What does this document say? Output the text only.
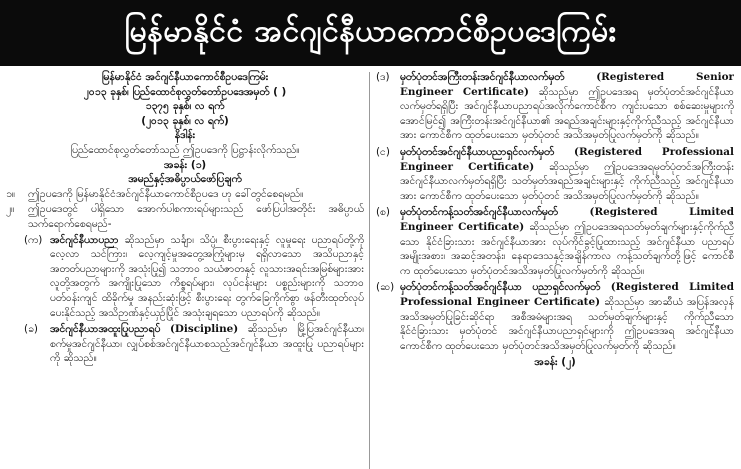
မြန်မာနိုင်ငံ အင်ဂျင်နီယာကောင်စီဥပဒေကြမ်း

မြန်မာနိုင်ငံ အင်ဂျင်နီယာကောင်စီဥပဒေကြမ်း

၂၀၁၃ ခုနှစ်၊ ပြည်ထောင်စုလွှတ်တော်ဥပဒေအမှတ် ( )

၁၃၇၅ ခုနှစ်၊ လ ရက်

(၂၀၁၃ ခုနှစ်၊ လ ရက်)

နိဒါန်း

ပြည်ထောင်စုလွှတ်တော်သည် ဤဥပဒေကို ပြဋ္ဌာန်းလိုက်သည်။

အခန်း (၁)

အမည်နှင့်အဓိပ္ပာယ်ဖော်ပြချက်

၁။	ဤဥပဒေကို မြန်မာနိုင်ငံအင်ဂျင်နီယာကောင်စီဥပဒေ ဟု ခေါ်တွင်စေရမည်။
၂။	ဤဥပဒေတွင် ပါရှိသော အောက်ပါစကားရပ်များသည် ဖော်ပြပါအတိုင်း အဓိပ္ပာယ်သက်ရောက်စေရမည်-
(က) အင်ဂျင်နီယာပညာ ဆိုသည်မှာ သင်္ချာ၊ သိပ္ပံ၊ စီးပွားရေးနှင့် လူမှုရေး ပညာရပ်တို့ကို လေ့လာ သင်ကြား၊ လေ့ကျင့်မှုအတွေ့အကြုံများမှ ရရှိလာသော အသိပညာနှင့် အတတ်ပညာများကို အသုံးပြု၍ သဘာဝ သယံဇာတနှင့် လူသားအရင်းအမြစ်များအား လူတို့အတွက် အကျိုးပြုသော ကိစ္စရပ်များ၊ လုပ်ငန်းများ ပစ္စည်းများကို သဘာဝပတ်ဝန်းကျင် ထိခိုက်မှု အနည်းဆုံးဖြင့် စီးပွားရေး တွက်ခြေကိုက်စွာ ဖန်တီးထုတ်လုပ်ပေးနိုင်သည့် အသိဉာဏ်နှင့်ယှဉ်ပြိုင် အသုံးချရသော ပညာရပ်ကို ဆိုသည်။
(ခ)	အင်ဂျင်နီယာအထူးပြုပညာရပ် (Discipline) ဆိုသည်မှာ မြို့ပြအင်ဂျင်နီယာ၊ စက်မှုအင်ဂျင်နီယာ၊ လျှပ်စစ်အင်ဂျင်နီယာစသည့်အင်ဂျင်နီယာ အထူးပြု ပညာရပ်များကို ဆိုသည်။
(ဒ)	မှတ်ပုံတင်အကြီးတန်းအင်ဂျင်နီယာလက်မှတ် (Registered Senior Engineer Certificate) ဆိုသည်မှာ ဤဥပဒေအရ မှတ်ပုံတင်အင်ဂျင်နီယာလက်မှတ်ရရှိပြီး အင်ဂျင်နီယာပညာရပ်အလိုက်ကောင်စီက ကျင်းပသော စစ်ဆေးမှုများကို အောင်မြင်၍ အကြီးတန်းအင်ဂျင်နီယာ၏ အရည်အချင်းများနှင့်ကိုက်ညီသည့် အင်ဂျင်နီယာအား ကောင်စီက ထုတ်ပေးသော မှတ်ပုံတင် အသိအမှတ်ပြုလက်မှတ်ကို ဆိုသည်။
(င) မှတ်ပုံတင်အင်ဂျင်နီယာပညာရှင်လက်မှတ် (Registered Professional Engineer Certificate) ဆိုသည်မှာ ဤဥပဒေအရမှတ်ပုံတင်အကြီးတန်း အင်ဂျင်နီယာလက်မှတ်ရရှိပြီး သတ်မှတ်အရည်အချင်းများနှင့် ကိုက်ညီသည့် အင်ဂျင်နီယာအား ကောင်စီက ထုတ်ပေးသော မှတ်ပုံတင် အသိအမှတ်ပြုလက်မှတ်ကို ဆိုသည်။
(စ) မှတ်ပုံတင်ကန့်သတ်အင်ဂျင်နီယာလက်မှတ် (Registered Limited Engineer Certificate) ဆိုသည်မှာ ဤဥပဒေအရသတ်မှတ်ချက်များနှင့်ကိုက်ညီသော နိုင်ငံခြားသား အင်ဂျင်နီယာအား လုပ်ကိုင်ခွင့်ပြုထားသည့် အင်ဂျင်နီယာ ပညာရပ် အမျိုးအစား၊ အဆင့်အတန်း၊ နေရာဒေသနှင့်အချိန်ကာလ ကန့်သတ်ချက်တို့ဖြင့် ကောင်စီက ထုတ်ပေးသော မှတ်ပုံတင်အသိအမှတ်ပြုလက်မှတ်ကို ဆိုသည်။
(ဆ) မှတ်ပုံတင်ကန့်သတ်အင်ဂျင်နီယာ ပညာရှင်လက်မှတ် (Registered Limited Professional Engineer Certificate) ဆိုသည်မှာ အာဆီယံ အပြန်အလှန် အသိအမှတ်ပြုခြင်းဆိုင်ရာ အစီအမံများအရ သတ်မှတ်ချက်များနှင့် ကိုက်ညီသော နိုင်ငံခြားသား မှတ်ပုံတင် အင်ဂျင်နီယာပညာရှင်များကို ဤဥပဒေအရ အင်ဂျင်နီယာ ကောင်စီက ထုတ်ပေးသော မှတ်ပုံတင်အသိအမှတ်ပြုလက်မှတ်ကို ဆိုသည်။

အခန်း (၂)
